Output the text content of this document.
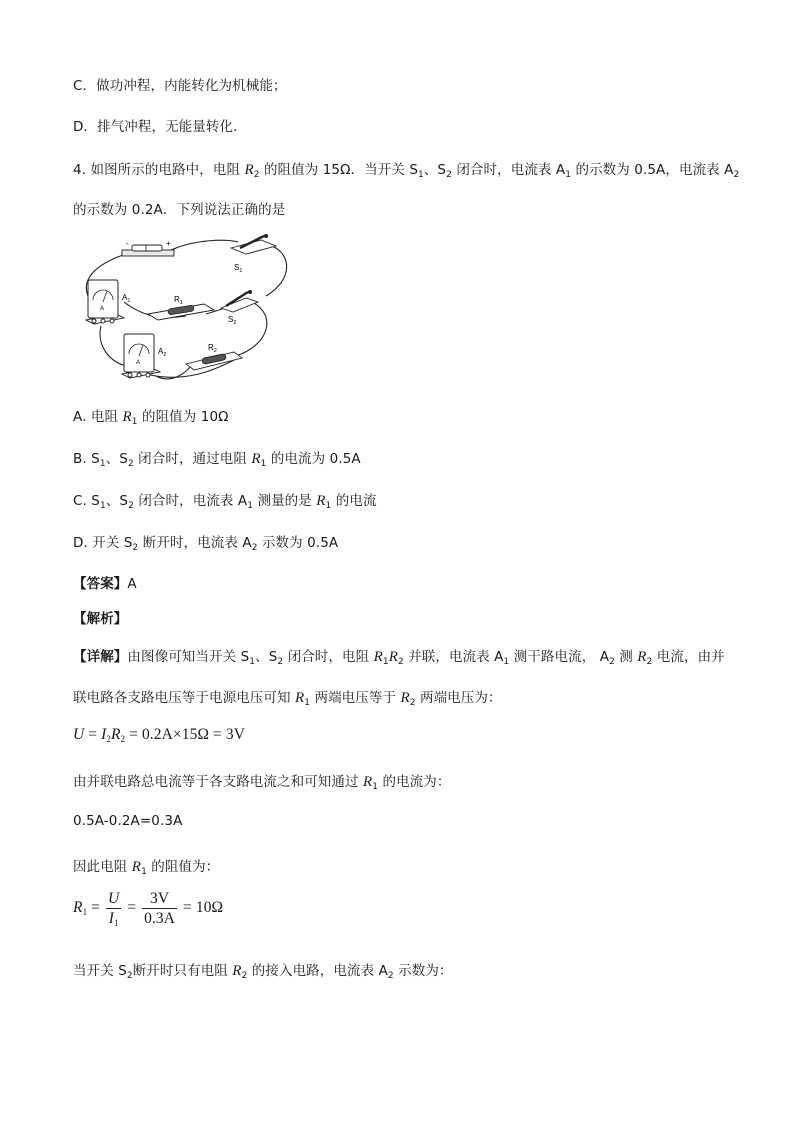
C．做功冲程，内能转化为机械能；
D．排气冲程，无能量转化．
4. 如图所示的电路中，电阻 $R_2$ 的阻值为 15Ω．当开关 $S_1$、$S_2$ 闭合时，电流表 $A_1$ 的示数为 0.5A，电流表 $A_2$
的示数为 0.2A．下列说法正确的是
-	+
$S_1$
$S_2$
$R_1$
$R_2$
A
$A_1$
A
$A_2$
A. 电阻 $R_1$ 的阻值为 10Ω
B. $S_1$、$S_2$ 闭合时，通过电阻 $R_1$ 的电流为 0.5A
C. $S_1$、$S_2$ 闭合时，电流表 $A_1$ 测量的是 $R_1$ 的电流
D. 开关 $S_2$ 断开时，电流表 $A_2$ 示数为 0.5A
【答案】A
【解析】
【详解】由图像可知当开关 $S_1$、$S_2$ 闭合时，电阻 $R_1R_2$ 并联，电流表 $A_1$ 测干路电流， $A_2$ 测 $R_2$ 电流，由并
联电路各支路电压等于电源电压可知 $R_1$ 两端电压等于 $R_2$ 两端电压为：
$U = I_2R_2 = 0.2A\times 15\Omega = 3V$
由并联电路总电流等于各支路电流之和可知通过 $R_1$ 的电流为：
0.5A-0.2A=0.3A
因此电阻 $R_1$ 的阻值为：
$R_1 = \frac{U}{I_1} = \frac{3V}{0.3A} = 10\Omega$
当开关 $S_2$断开时只有电阻 $R_2$ 的接入电路，电流表 $A_2$ 示数为：
